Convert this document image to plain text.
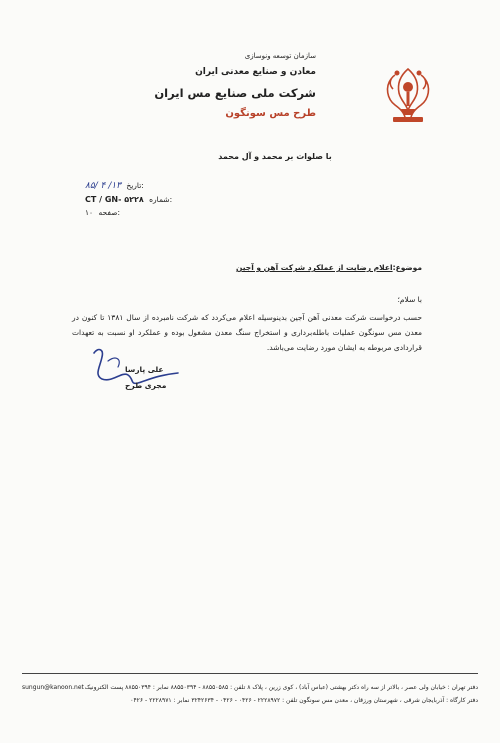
سازمان توسعه ونوسازی
معادن و صنایع معدنی ایران
شرکت ملی صنایع مس ایران
طرح مس سونگون
با صلوات بر محمد و آل محمد
۸۵/ ۴ /۱۳ تاریخ:
CT / GN- ۵۲۲۸ شماره:
۱۰ صفحه:
موضوع:اعلام رضایت از عملکرد شرکت آهن و آجین
با سلام؛
حسب درخواست شرکت معدنی آهن آجین بدینوسیله اعلام می‌کردد که شرکت نامبرده از سال ۱۳۸۱ تا کنون در معدن مس سونگون عملیات باطله‌برداری و استخراج سنگ معدن مشغول بوده و عملکرد او نسبت به تعهدات قراردادی مربوطه به ایشان مورد رضایت می‌باشد.
علی پارسا
مجری طرح
sungun@kanoon.net دفتر تهران : خیابان ولی عصر ، بالاتر از سه راه دکتر بهشتی (عباس آباد) ، کوی زرین ، پلاک ۸ تلفن : ۸۸۵۵۰۵۸۵ - ۸۸۵۵۰۳۹۴ نمابر : ۸۸۵۵۰۳۹۴ پست الکترونیک
دفتر کارگاه : آذربایجان شرقی ، شهرستان ورزقان ، معدن مس سونگون تلفن : ۲۲۲۸۹۷۲ - ۰۴۲۶ - ۰۴۲۶ - ۳۲۴۲۶۳۴ نمابر : ۲۲۲۸۹۷۱ - ۰۴۲۶
